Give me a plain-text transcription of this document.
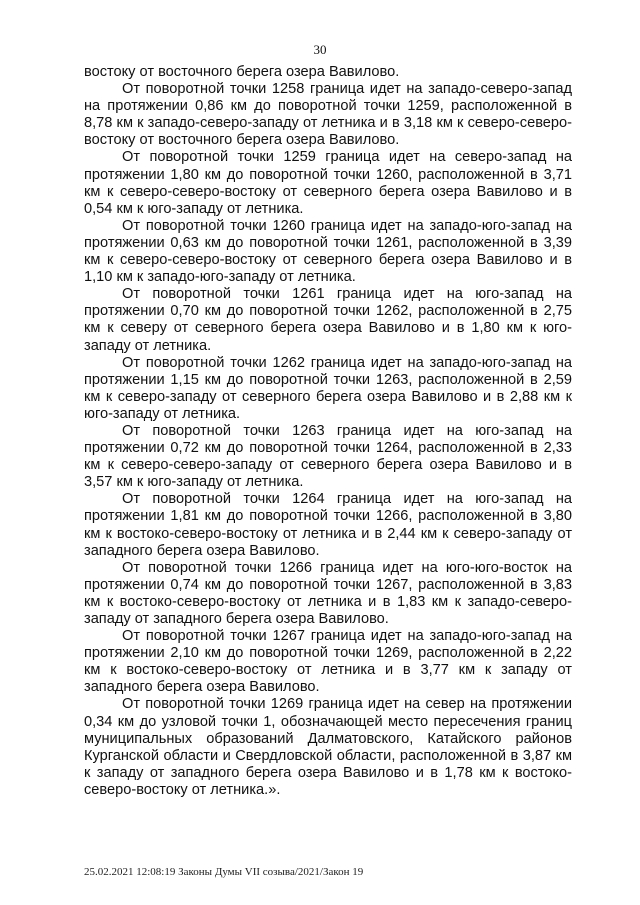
30

востоку от восточного берега озера Вавилово.

От поворотной точки 1258 граница идет на западо-северо-запад на протяжении 0,86 км до поворотной точки 1259, расположенной в 8,78 км к западо-северо-западу от летника и в 3,18 км к северо-северо-востоку от восточного берега озера Вавилово.

От поворотной точки 1259 граница идет на северо-запад на протяжении 1,80 км до поворотной точки 1260, расположенной в 3,71 км к северо-северо-востоку от северного берега озера Вавилово и в 0,54 км к юго-западу от летника.

От поворотной точки 1260 граница идет на западо-юго-запад на протяжении 0,63 км до поворотной точки 1261, расположенной в 3,39 км к северо-северо-востоку от северного берега озера Вавилово и в 1,10 км к западо-юго-западу от летника.

От поворотной точки 1261 граница идет на юго-запад на протяжении 0,70 км до поворотной точки 1262, расположенной в 2,75 км к северу от северного берега озера Вавилово и в 1,80 км к юго-западу от летника.

От поворотной точки 1262 граница идет на западо-юго-запад на протяжении 1,15 км до поворотной точки 1263, расположенной в 2,59 км к северо-западу от северного берега озера Вавилово и в 2,88 км к юго-западу от летника.

От поворотной точки 1263 граница идет на юго-запад на протяжении 0,72 км до поворотной точки 1264, расположенной в 2,33 км к северо-северо-западу от северного берега озера Вавилово и в 3,57 км к юго-западу от летника.

От поворотной точки 1264 граница идет на юго-запад на протяжении 1,81 км до поворотной точки 1266, расположенной в 3,80 км к востоко-северо-востоку от летника и в 2,44 км к северо-западу от западного берега озера Вавилово.

От поворотной точки 1266 граница идет на юго-юго-восток на протяжении 0,74 км до поворотной точки 1267, расположенной в 3,83 км к востоко-северо-востоку от летника и в 1,83 км к западо-северо-западу от западного берега озера Вавилово.

От поворотной точки 1267 граница идет на западо-юго-запад на протяжении 2,10 км до поворотной точки 1269, расположенной в 2,22 км к востоко-северо-востоку от летника и в 3,77 км к западу от западного берега озера Вавилово.

От поворотной точки 1269 граница идет на север на протяжении 0,34 км до узловой точки 1, обозначающей место пересечения границ муниципальных образований Далматовского, Катайского районов Курганской области и Свердловской области, расположенной в 3,87 км к западу от западного берега озера Вавилово и в 1,78 км к востоко-северо-востоку от летника.».

25.02.2021 12:08:19 Законы Думы VII созыва/2021/Закон 19
